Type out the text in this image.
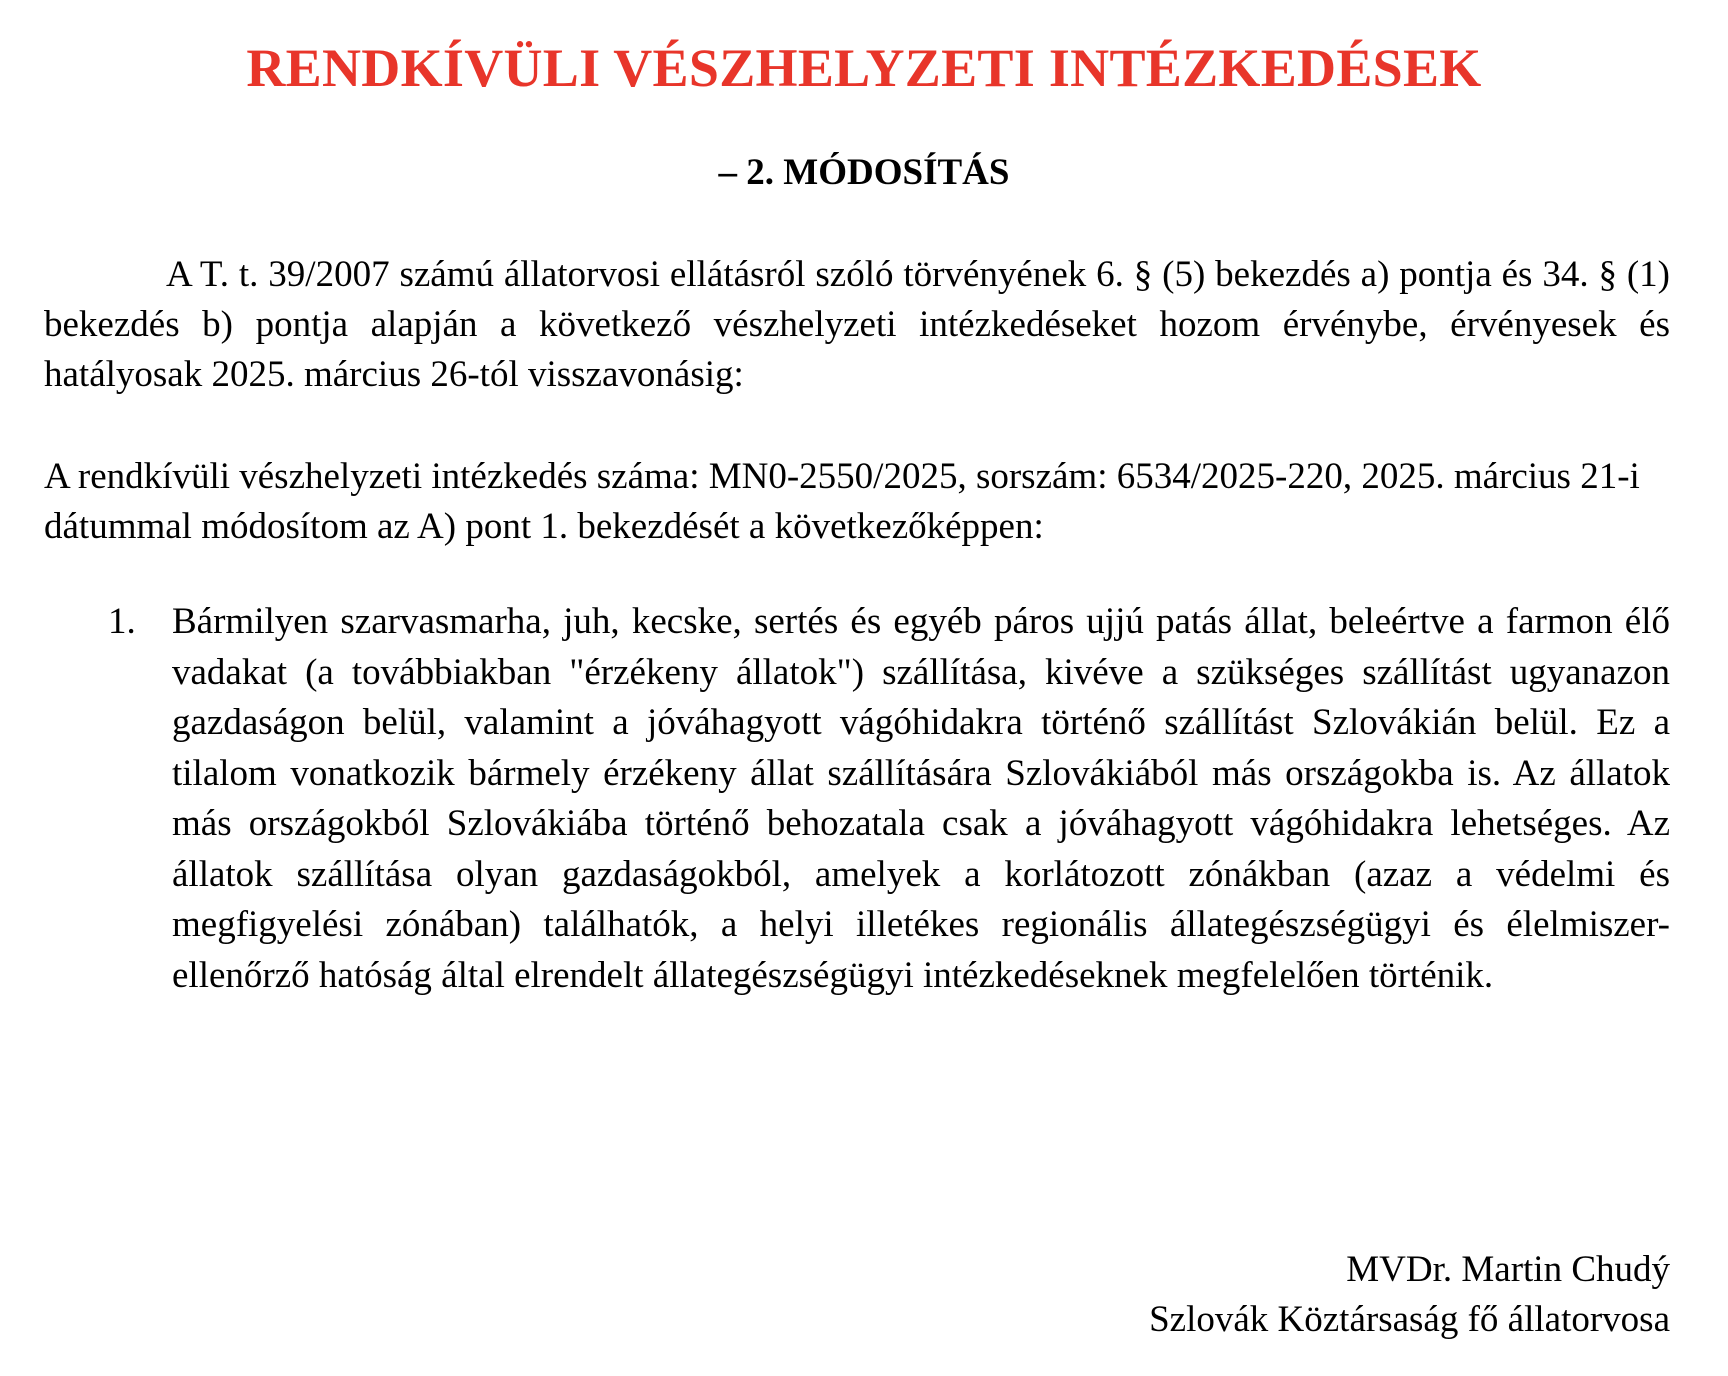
RENDKÍVÜLI VÉSZHELYZETI INTÉZKEDÉSEK
– 2. MÓDOSÍTÁS
A T. t. 39/2007 számú állatorvosi ellátásról szóló törvényének 6. § (5) bekezdés a) pontja és 34. § (1) bekezdés b) pontja alapján a következő vészhelyzeti intézkedéseket hozom érvénybe, érvényesek és hatályosak 2025. március 26-tól visszavonásig:
A rendkívüli vészhelyzeti intézkedés száma: MN0-2550/2025, sorszám: 6534/2025-220, 2025. március 21-i dátummal módosítom az A) pont 1. bekezdését a következőképpen:
1. Bármilyen szarvasmarha, juh, kecske, sertés és egyéb páros ujjú patás állat, beleértve a farmon élő vadakat (a továbbiakban "érzékeny állatok") szállítása, kivéve a szükséges szállítást ugyanazon gazdaságon belül, valamint a jóváhagyott vágóhidakra történő szállítást Szlovákián belül. Ez a tilalom vonatkozik bármely érzékeny állat szállítására Szlovákiából más országokba is. Az állatok más országokból Szlovákiába történő behozatala csak a jóváhagyott vágóhidakra lehetséges. Az állatok szállítása olyan gazdaságokból, amelyek a korlátozott zónákban (azaz a védelmi és megfigyelési zónában) találhatók, a helyi illetékes regionális állategészségügyi és élelmiszer-ellenőrző hatóság által elrendelt állategészségügyi intézkedéseknek megfelelően történik.
MVDr. Martin Chudý
Szlovák Köztársaság fő állatorvosa
